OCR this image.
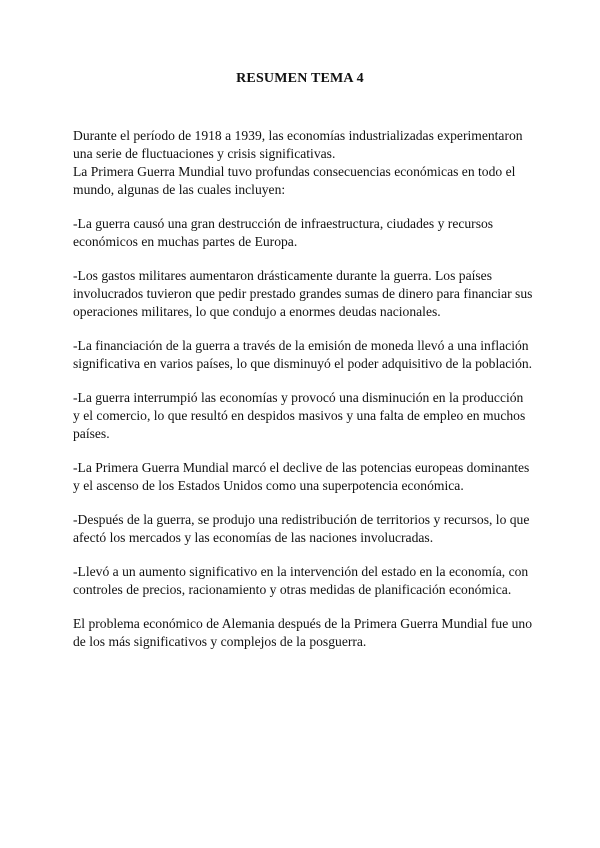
RESUMEN TEMA 4

Durante el período de 1918 a 1939, las economías industrializadas experimentaron una serie de fluctuaciones y crisis significativas.

La Primera Guerra Mundial tuvo profundas consecuencias económicas en todo el mundo, algunas de las cuales incluyen:

-La guerra causó una gran destrucción de infraestructura, ciudades y recursos económicos en muchas partes de Europa.

-Los gastos militares aumentaron drásticamente durante la guerra. Los países involucrados tuvieron que pedir prestado grandes sumas de dinero para financiar sus operaciones militares, lo que condujo a enormes deudas nacionales.

-La financiación de la guerra a través de la emisión de moneda llevó a una inflación significativa en varios países, lo que disminuyó el poder adquisitivo de la población.

-La guerra interrumpió las economías y provocó una disminución en la producción y el comercio, lo que resultó en despidos masivos y una falta de empleo en muchos países.

-La Primera Guerra Mundial marcó el declive de las potencias europeas dominantes y el ascenso de los Estados Unidos como una superpotencia económica.

-Después de la guerra, se produjo una redistribución de territorios y recursos, lo que afectó los mercados y las economías de las naciones involucradas.

-Llevó a un aumento significativo en la intervención del estado en la economía, con controles de precios, racionamiento y otras medidas de planificación económica.

El problema económico de Alemania después de la Primera Guerra Mundial fue uno de los más significativos y complejos de la posguerra.
